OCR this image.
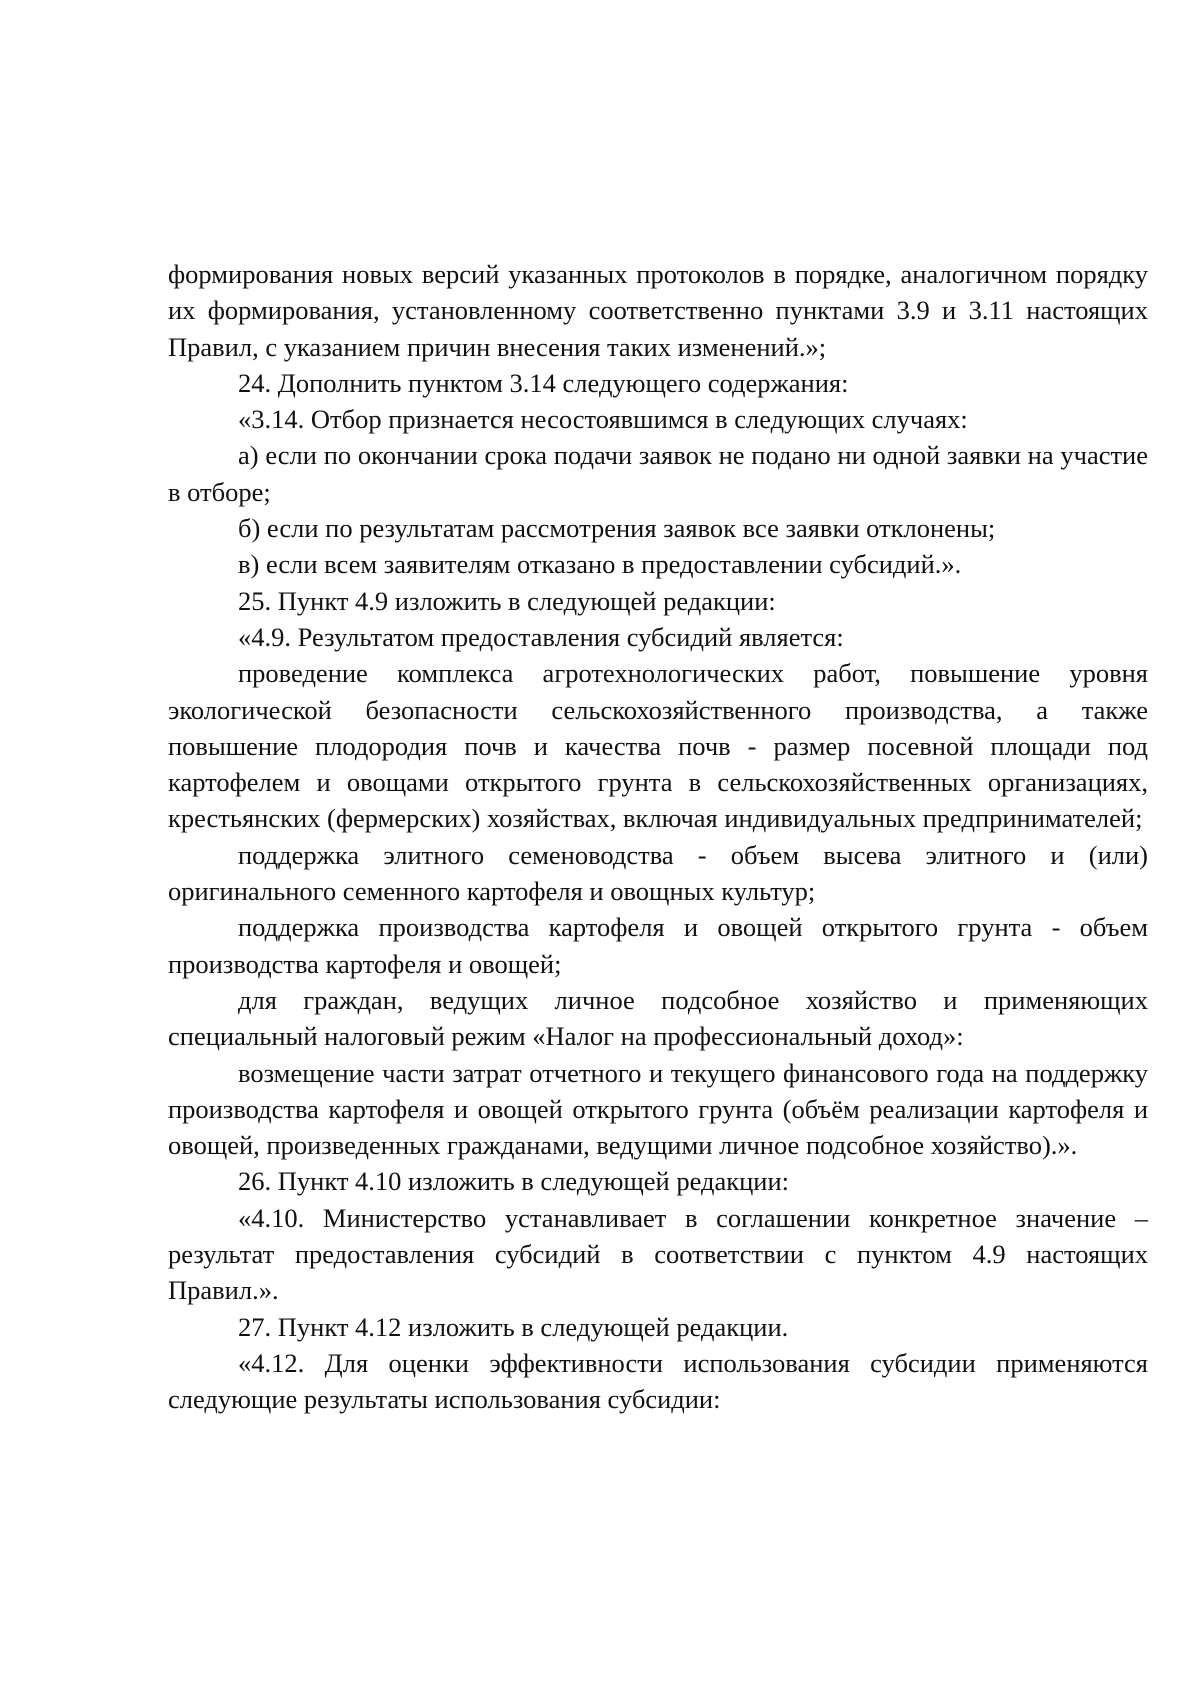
формирования новых версий указанных протоколов в порядке, аналогичном порядку их формирования, установленному соответственно пунктами 3.9 и 3.11 настоящих Правил, с указанием причин внесения таких изменений.»;

24. Дополнить пунктом 3.14 следующего содержания:

«3.14. Отбор признается несостоявшимся в следующих случаях:

а) если по окончании срока подачи заявок не подано ни одной заявки на участие в отборе;

б) если по результатам рассмотрения заявок все заявки отклонены;

в) если всем заявителям отказано в предоставлении субсидий.».

25. Пункт 4.9 изложить в следующей редакции:

«4.9. Результатом предоставления субсидий является:

проведение комплекса агротехнологических работ, повышение уровня экологической безопасности сельскохозяйственного производства, а также повышение плодородия почв и качества почв - размер посевной площади под картофелем и овощами открытого грунта в сельскохозяйственных организациях, крестьянских (фермерских) хозяйствах, включая индивидуальных предпринимателей;

поддержка элитного семеноводства - объем высева элитного и (или) оригинального семенного картофеля и овощных культур;

поддержка производства картофеля и овощей открытого грунта - объем производства картофеля и овощей;

для граждан, ведущих личное подсобное хозяйство и применяющих специальный налоговый режим «Налог на профессиональный доход»:

возмещение части затрат отчетного и текущего финансового года на поддержку производства картофеля и овощей открытого грунта (объём реализации картофеля и овощей, произведенных гражданами, ведущими личное подсобное хозяйство).».

26. Пункт 4.10 изложить в следующей редакции:

«4.10. Министерство устанавливает в соглашении конкретное значение – результат предоставления субсидий в соответствии с пунктом 4.9 настоящих Правил.».

27. Пункт 4.12 изложить в следующей редакции.

«4.12. Для оценки эффективности использования субсидии применяются следующие результаты использования субсидии:
